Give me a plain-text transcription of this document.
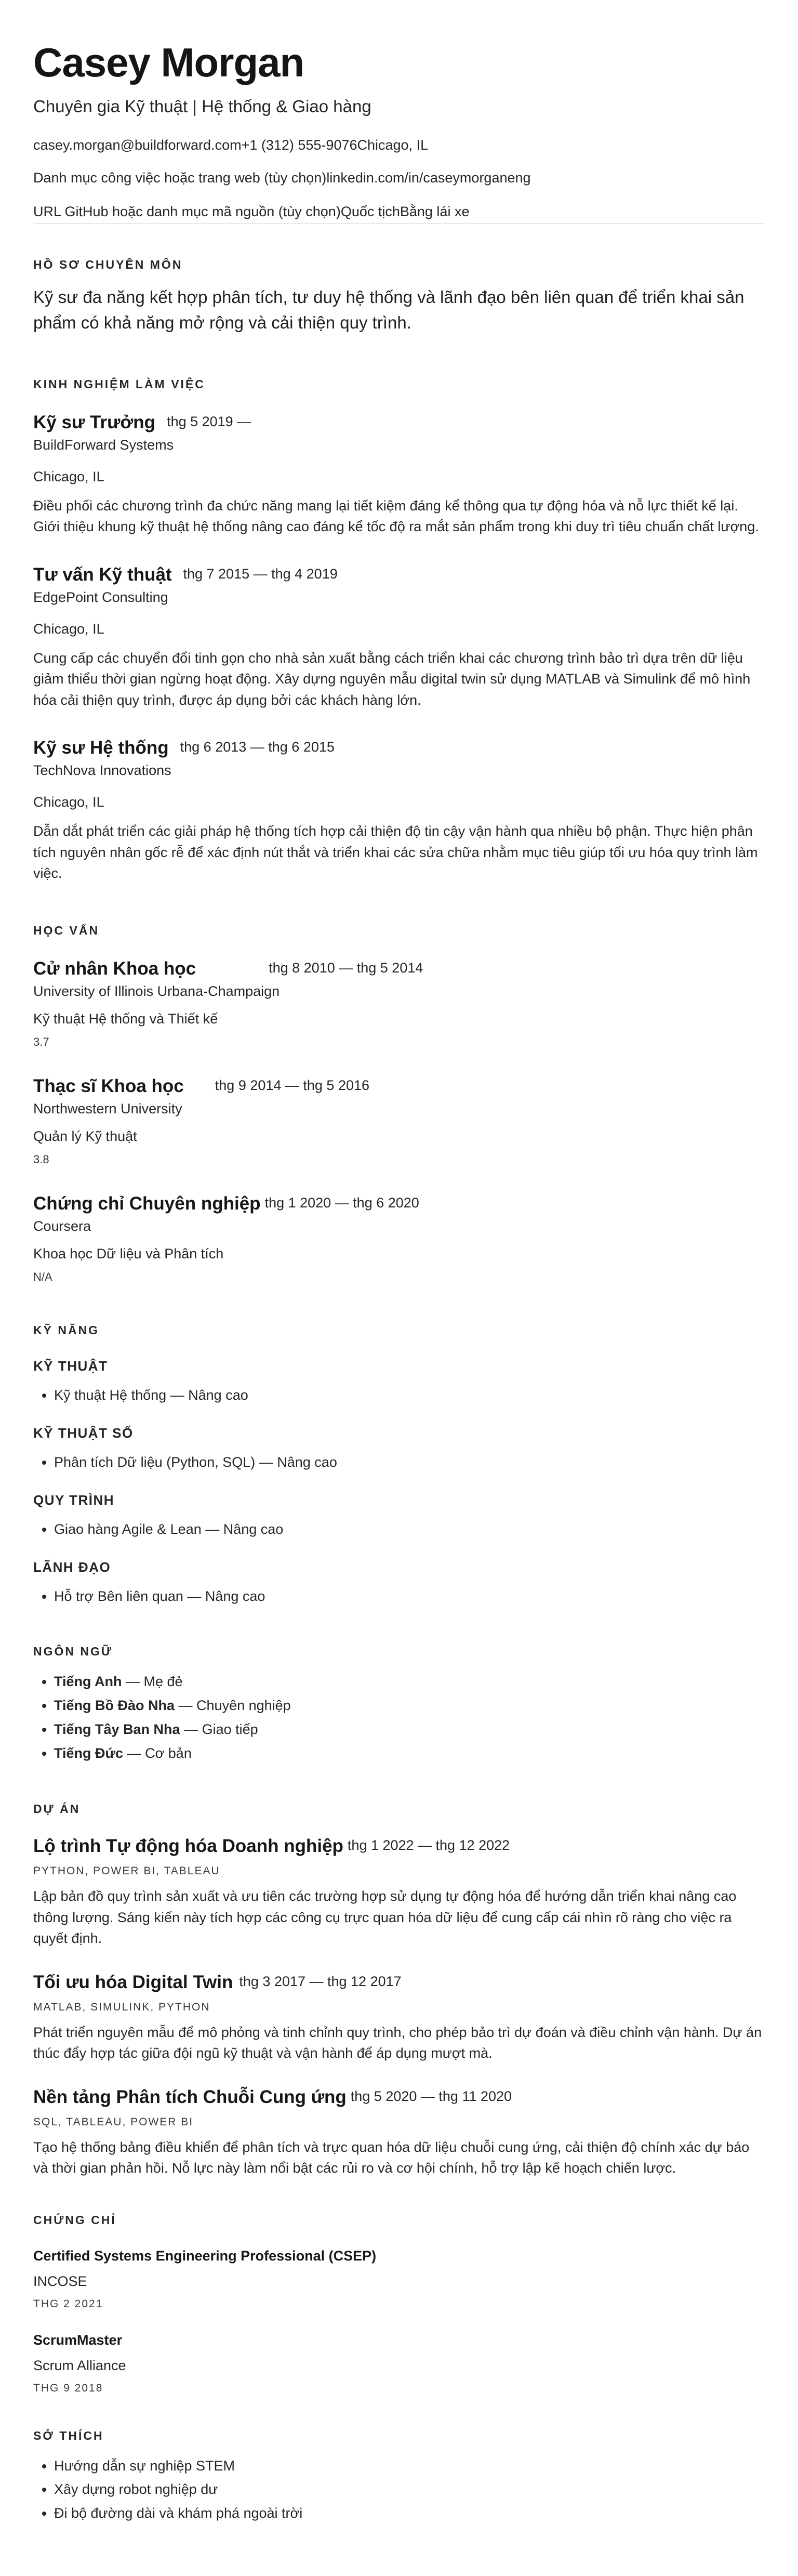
Casey Morgan
Chuyên gia Kỹ thuật | Hệ thống & Giao hàng
casey.morgan@buildforward.com+1 (312) 555-9076Chicago, IL
Danh mục công việc hoặc trang web (tùy chọn)linkedin.com/in/caseymorganeng
URL GitHub hoặc danh mục mã nguồn (tùy chọn)Quốc tịchBằng lái xe
HỒ SƠ CHUYÊN MÔN
Kỹ sư đa năng kết hợp phân tích, tư duy hệ thống và lãnh đạo bên liên quan để triển khai sản phẩm có khả năng mở rộng và cải thiện quy trình.
KINH NGHIỆM LÀM VIỆC
Kỹ sư Trưởng thg 5 2019 —
BuildForward Systems
Chicago, IL
Điều phối các chương trình đa chức năng mang lại tiết kiệm đáng kể thông qua tự động hóa và nỗ lực thiết kế lại. Giới thiệu khung kỹ thuật hệ thống nâng cao đáng kể tốc độ ra mắt sản phẩm trong khi duy trì tiêu chuẩn chất lượng.
Tư vấn Kỹ thuật thg 7 2015 — thg 4 2019
EdgePoint Consulting
Chicago, IL
Cung cấp các chuyển đổi tinh gọn cho nhà sản xuất bằng cách triển khai các chương trình bảo trì dựa trên dữ liệu giảm thiểu thời gian ngừng hoạt động. Xây dựng nguyên mẫu digital twin sử dụng MATLAB và Simulink để mô hình hóa cải thiện quy trình, được áp dụng bởi các khách hàng lớn.
Kỹ sư Hệ thống thg 6 2013 — thg 6 2015
TechNova Innovations
Chicago, IL
Dẫn dắt phát triển các giải pháp hệ thống tích hợp cải thiện độ tin cậy vận hành qua nhiều bộ phận. Thực hiện phân tích nguyên nhân gốc rễ để xác định nút thắt và triển khai các sửa chữa nhằm mục tiêu giúp tối ưu hóa quy trình làm việc.
HỌC VẤN
Cử nhân Khoa học	thg 8 2010 — thg 5 2014
University of Illinois Urbana-Champaign
Kỹ thuật Hệ thống và Thiết kế
3.7
Thạc sĩ Khoa học thg 9 2014 — thg 5 2016
Northwestern University
Quản lý Kỹ thuật
3.8
Chứng chỉ Chuyên nghiệp thg 1 2020 — thg 6 2020
Coursera
Khoa học Dữ liệu và Phân tích
N/A
KỸ NĂNG
KỸ THUẬT
• Kỹ thuật Hệ thống — Nâng cao
KỸ THUẬT SỐ
• Phân tích Dữ liệu (Python, SQL) — Nâng cao
QUY TRÌNH
• Giao hàng Agile & Lean — Nâng cao
LÃNH ĐẠO
• Hỗ trợ Bên liên quan — Nâng cao
NGÔN NGỮ
• Tiếng Anh — Mẹ đẻ
• Tiếng Bồ Đào Nha — Chuyên nghiệp
• Tiếng Tây Ban Nha — Giao tiếp
• Tiếng Đức — Cơ bản
DỰ ÁN
Lộ trình Tự động hóa Doanh nghiệp thg 1 2022 — thg 12 2022
PYTHON, POWER BI, TABLEAU
Lập bản đồ quy trình sản xuất và ưu tiên các trường hợp sử dụng tự động hóa để hướng dẫn triển khai nâng cao thông lượng. Sáng kiến này tích hợp các công cụ trực quan hóa dữ liệu để cung cấp cái nhìn rõ ràng cho việc ra quyết định.
Tối ưu hóa Digital Twin thg 3 2017 — thg 12 2017
MATLAB, SIMULINK, PYTHON
Phát triển nguyên mẫu để mô phỏng và tinh chỉnh quy trình, cho phép bảo trì dự đoán và điều chỉnh vận hành. Dự án thúc đẩy hợp tác giữa đội ngũ kỹ thuật và vận hành để áp dụng mượt mà.
Nền tảng Phân tích Chuỗi Cung ứng thg 5 2020 — thg 11 2020
SQL, TABLEAU, POWER BI
Tạo hệ thống bảng điều khiển để phân tích và trực quan hóa dữ liệu chuỗi cung ứng, cải thiện độ chính xác dự báo và thời gian phản hồi. Nỗ lực này làm nổi bật các rủi ro và cơ hội chính, hỗ trợ lập kế hoạch chiến lược.
CHỨNG CHỈ
Certified Systems Engineering Professional (CSEP)
INCOSE
THG 2 2021
ScrumMaster
Scrum Alliance
THG 9 2018
SỞ THÍCH
• Hướng dẫn sự nghiệp STEM
• Xây dựng robot nghiệp dư
• Đi bộ đường dài và khám phá ngoài trời
